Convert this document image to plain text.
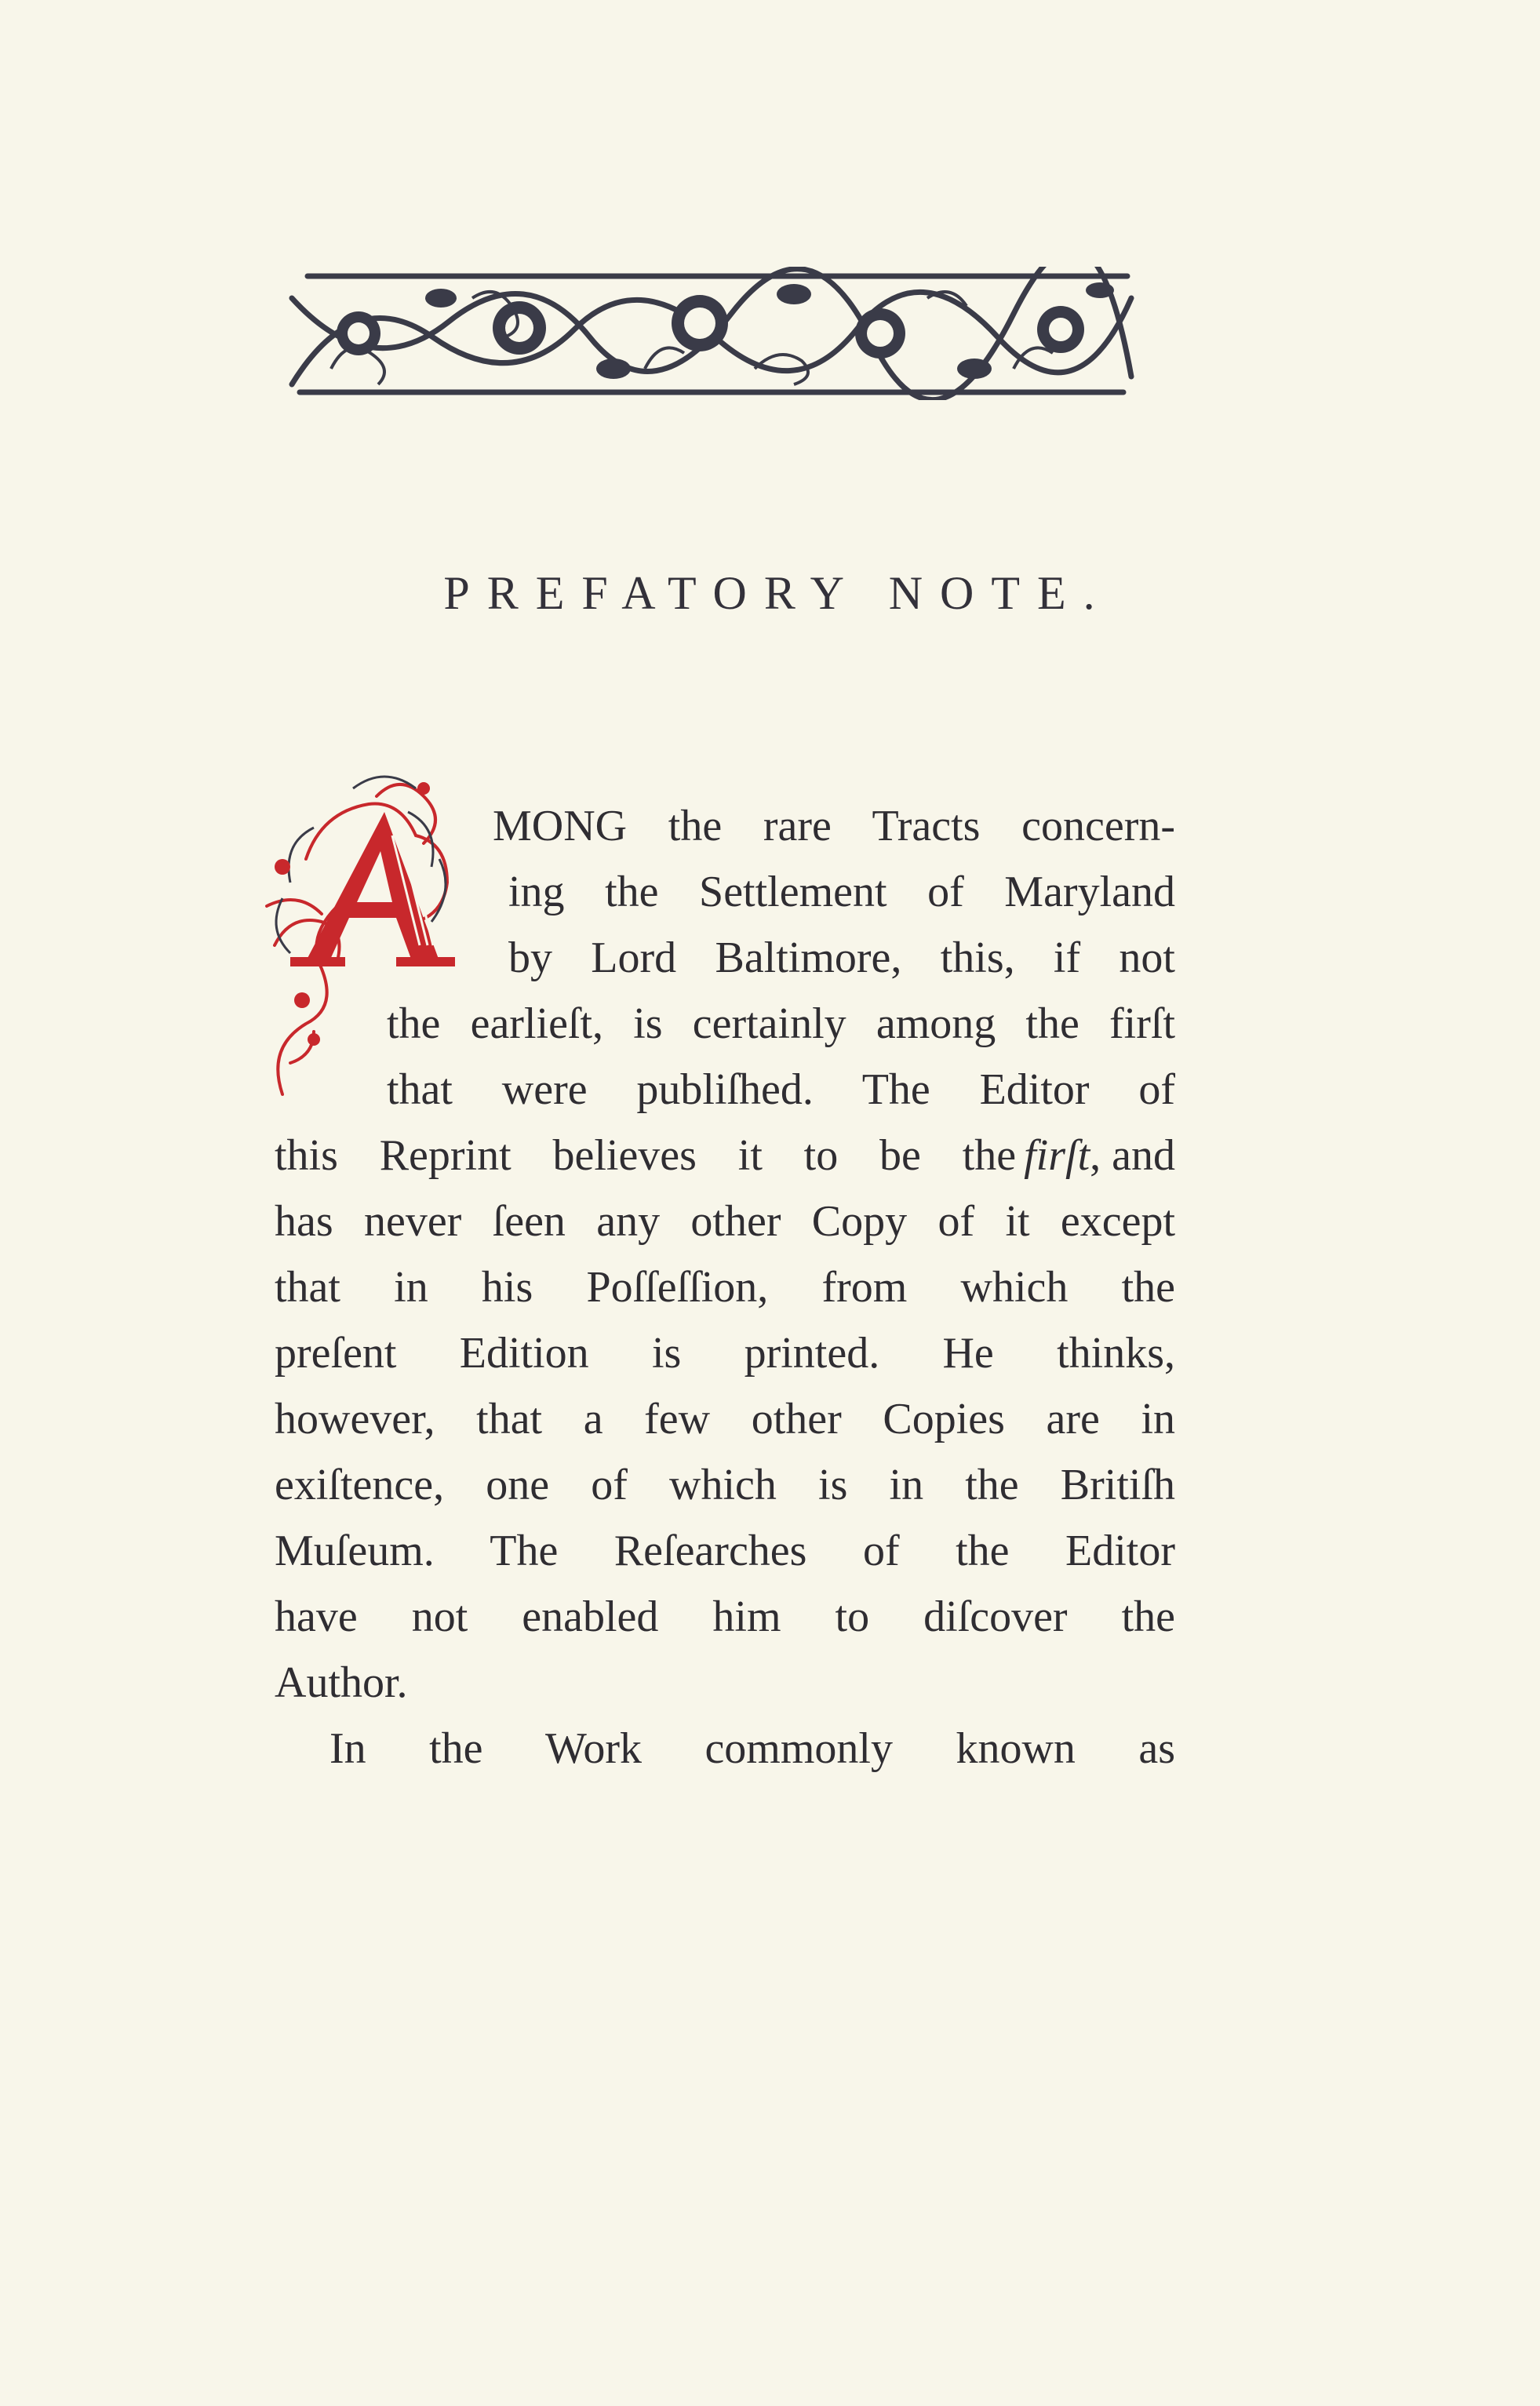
PREFATORY NOTE.
MONG the rare Tracts concern-
ing the Settlement of Maryland
by Lord Baltimore, this, if not
the earlieſt, is certainly among the firſt
that were publiſhed. The Editor of
this Reprint believes it to be the firſt , and
has never ſeen any other Copy of it except
that in his Poſſeſſion, from which the
preſent Edition is printed. He thinks,
however, that a few other Copies are in
exiſtence, one of which is in the Britiſh
Muſeum. The Reſearches of the Editor
have not enabled him to diſcover the
Author.
In the Work commonly known as
